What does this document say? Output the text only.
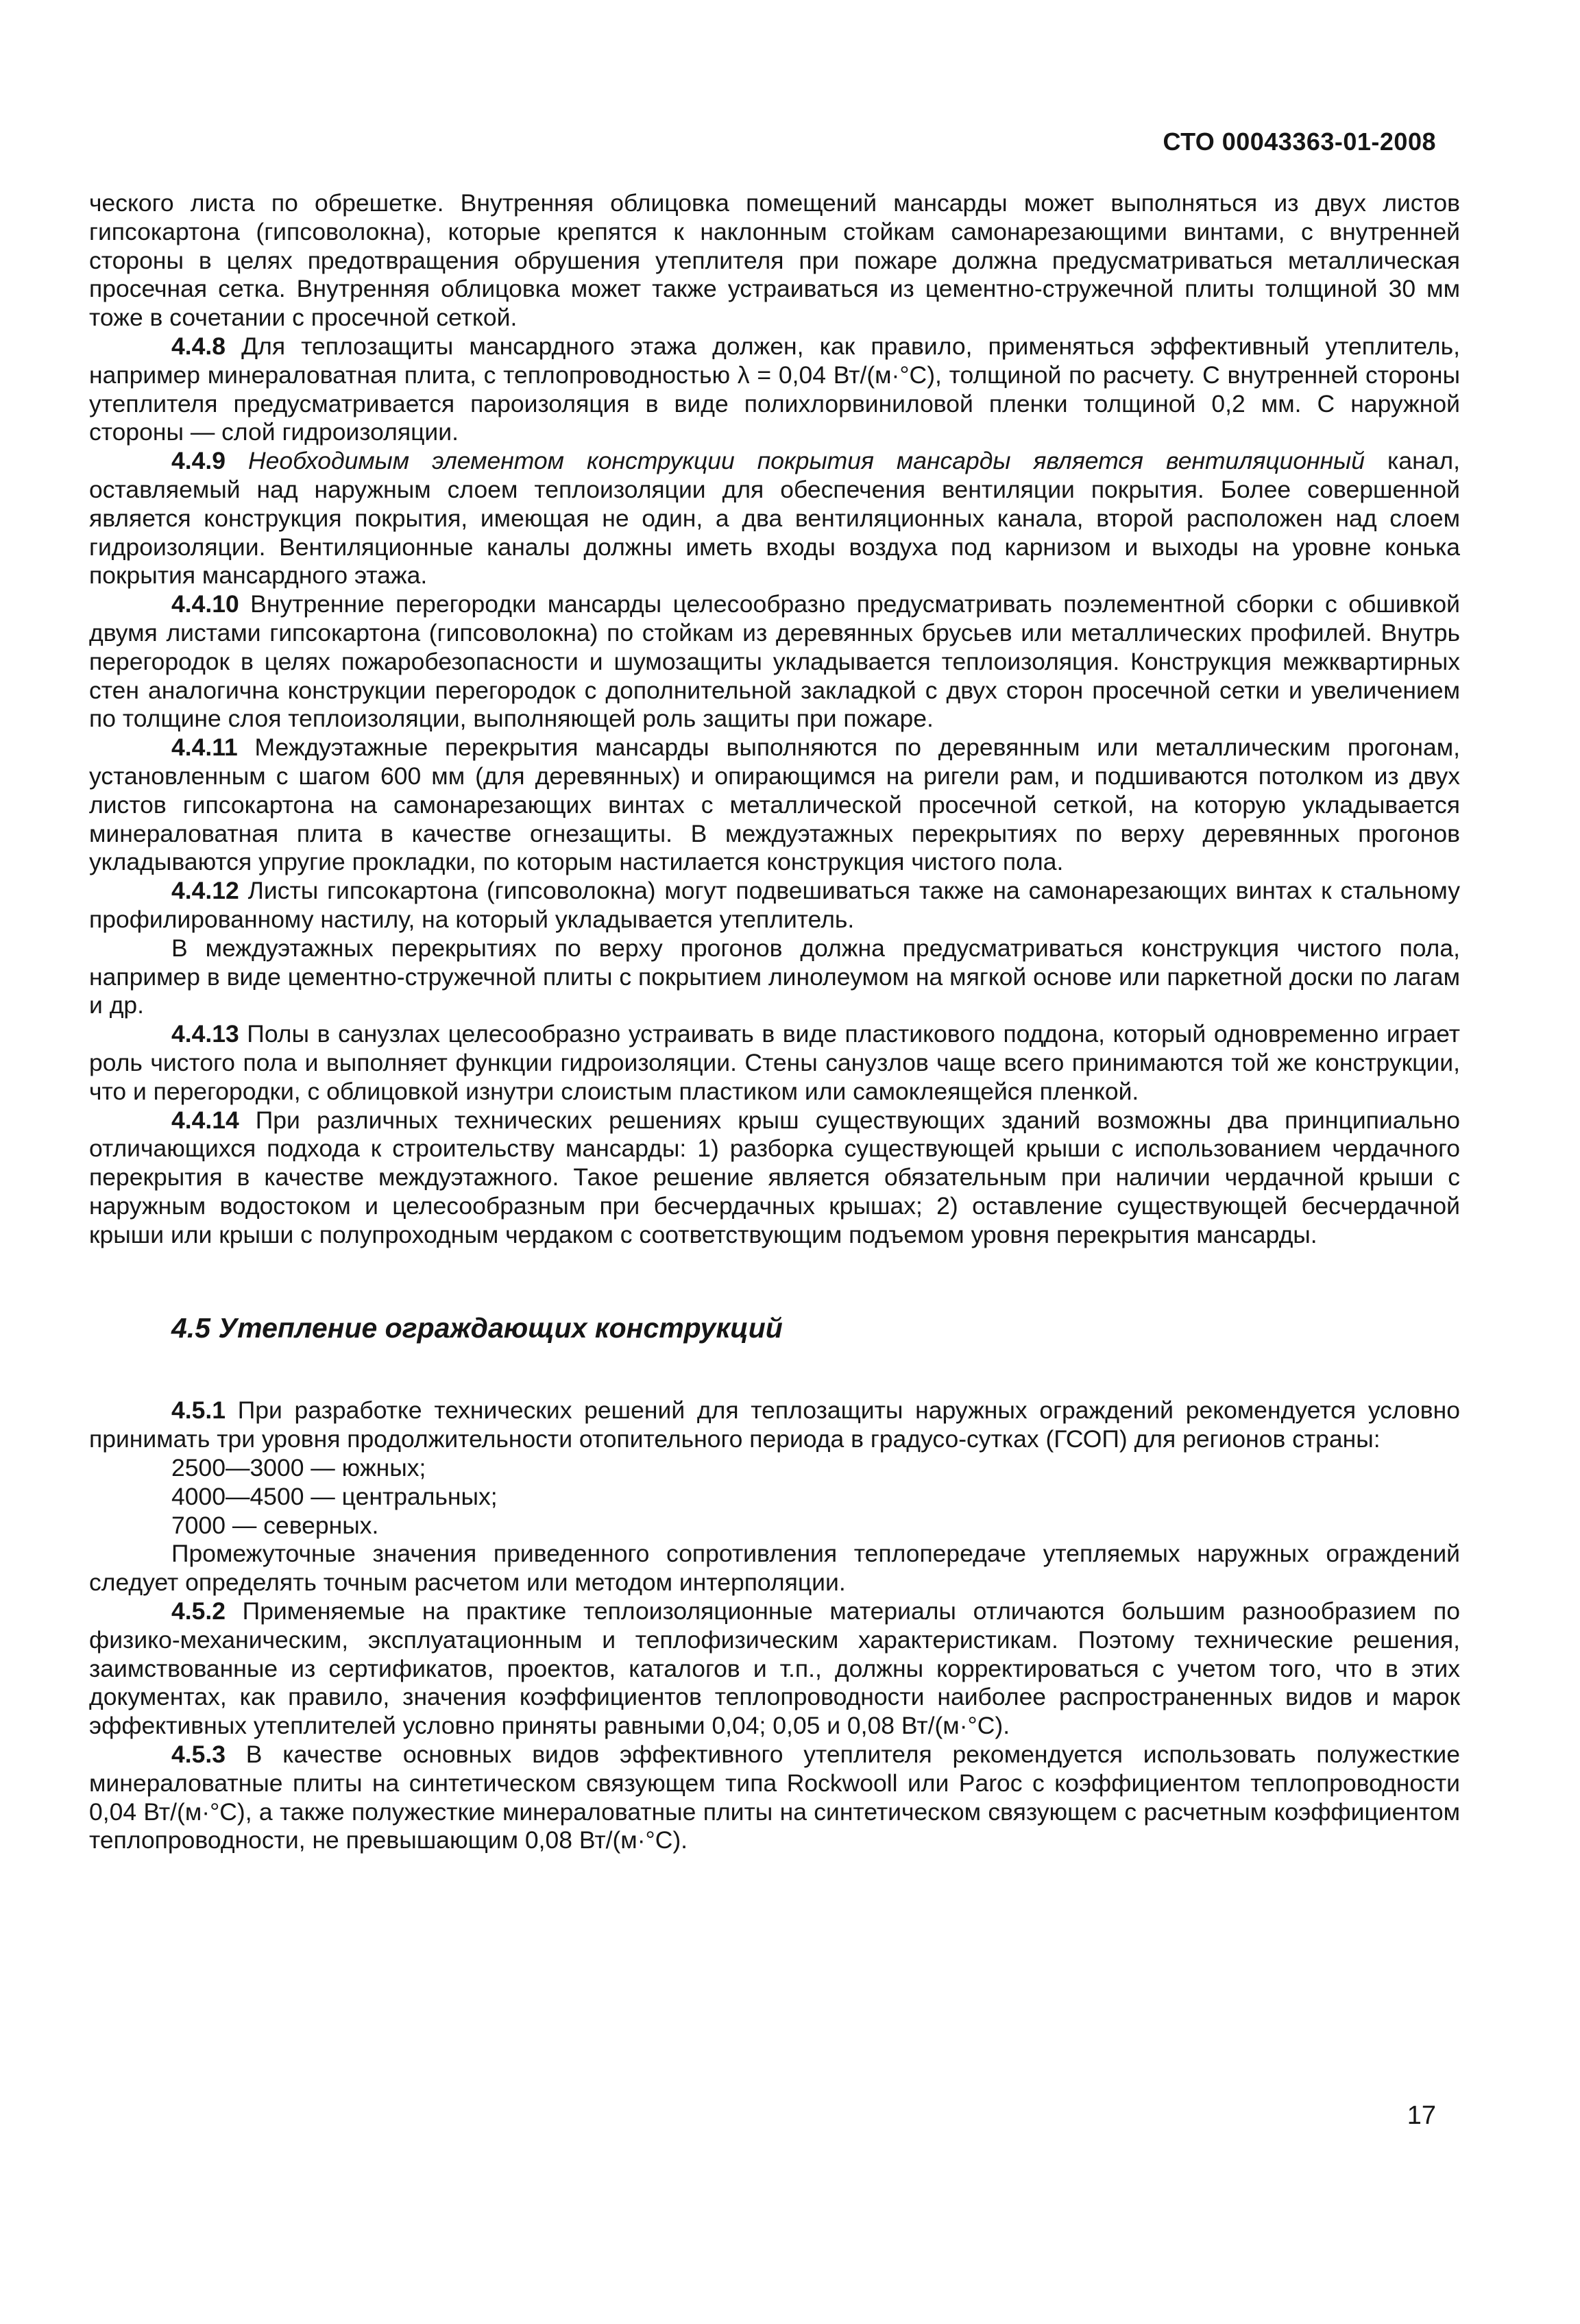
СТО 00043363-01-2008

ческого листа по обрешетке. Внутренняя облицовка помещений мансарды может выполняться из двух листов гипсокартона (гипсоволокна), которые крепятся к наклонным стойкам самонарезающими винтами, с внутренней стороны в целях предотвращения обрушения утеплителя при пожаре должна предусматриваться металлическая просечная сетка. Внутренняя облицовка может также устраиваться из цементно-стружечной плиты толщиной 30 мм тоже в сочетании с просечной сеткой.

4.4.8 Для теплозащиты мансардного этажа должен, как правило, применяться эффективный утеплитель, например минераловатная плита, с теплопроводностью λ = 0,04 Вт/(м·°С), толщиной по расчету. С внутренней стороны утеплителя предусматривается пароизоляция в виде полихлорвиниловой пленки толщиной 0,2 мм. С наружной стороны — слой гидроизоляции.

4.4.9 Необходимым элементом конструкции покрытия мансарды является вентиляционный канал, оставляемый над наружным слоем теплоизоляции для обеспечения вентиляции покрытия. Более совершенной является конструкция покрытия, имеющая не один, а два вентиляционных канала, второй расположен над слоем гидроизоляции. Вентиляционные каналы должны иметь входы воздуха под карнизом и выходы на уровне конька покрытия мансардного этажа.

4.4.10 Внутренние перегородки мансарды целесообразно предусматривать поэлементной сборки с обшивкой двумя листами гипсокартона (гипсоволокна) по стойкам из деревянных брусьев или металлических профилей. Внутрь перегородок в целях пожаробезопасности и шумозащиты укладывается теплоизоляция. Конструкция межквартирных стен аналогична конструкции перегородок с дополнительной закладкой с двух сторон просечной сетки и увеличением по толщине слоя теплоизоляции, выполняющей роль защиты при пожаре.

4.4.11 Междуэтажные перекрытия мансарды выполняются по деревянным или металлическим прогонам, установленным с шагом 600 мм (для деревянных) и опирающимся на ригели рам, и подшиваются потолком из двух листов гипсокартона на самонарезающих винтах с металлической просечной сеткой, на которую укладывается минераловатная плита в качестве огнезащиты. В междуэтажных перекрытиях по верху деревянных прогонов укладываются упругие прокладки, по которым настилается конструкция чистого пола.

4.4.12 Листы гипсокартона (гипсоволокна) могут подвешиваться также на самонарезающих винтах к стальному профилированному настилу, на который укладывается утеплитель.

В междуэтажных перекрытиях по верху прогонов должна предусматриваться конструкция чистого пола, например в виде цементно-стружечной плиты с покрытием линолеумом на мягкой основе или паркетной доски по лагам и др.

4.4.13 Полы в санузлах целесообразно устраивать в виде пластикового поддона, который одновременно играет роль чистого пола и выполняет функции гидроизоляции. Стены санузлов чаще всего принимаются той же конструкции, что и перегородки, с облицовкой изнутри слоистым пластиком или самоклеящейся пленкой.

4.4.14 При различных технических решениях крыш существующих зданий возможны два принципиально отличающихся подхода к строительству мансарды: 1) разборка существующей крыши с использованием чердачного перекрытия в качестве междуэтажного. Такое решение является обязательным при наличии чердачной крыши с наружным водостоком и целесообразным при бесчердачных крышах; 2) оставление существующей бесчердачной крыши или крыши с полупроходным чердаком с соответствующим подъемом уровня перекрытия мансарды.

4.5 Утепление ограждающих конструкций

4.5.1 При разработке технических решений для теплозащиты наружных ограждений рекомендуется условно принимать три уровня продолжительности отопительного периода в градусо-сутках (ГСОП) для регионов страны:

2500—3000 — южных;

4000—4500 — центральных;

7000 — северных.

Промежуточные значения приведенного сопротивления теплопередаче утепляемых наружных ограждений следует определять точным расчетом или методом интерполяции.

4.5.2 Применяемые на практике теплоизоляционные материалы отличаются большим разнообразием по физико-механическим, эксплуатационным и теплофизическим характеристикам. Поэтому технические решения, заимствованные из сертификатов, проектов, каталогов и т.п., должны корректироваться с учетом того, что в этих документах, как правило, значения коэффициентов теплопроводности наиболее распространенных видов и марок эффективных утеплителей условно приняты равными 0,04; 0,05 и 0,08 Вт/(м·°С).

4.5.3 В качестве основных видов эффективного утеплителя рекомендуется использовать полужесткие минераловатные плиты на синтетическом связующем типа Rockwooll или Paroc с коэффициентом теплопроводности 0,04 Вт/(м·°С), а также полужесткие минераловатные плиты на синтетическом связующем с расчетным коэффициентом теплопроводности, не превышающим 0,08 Вт/(м·°С).

17
